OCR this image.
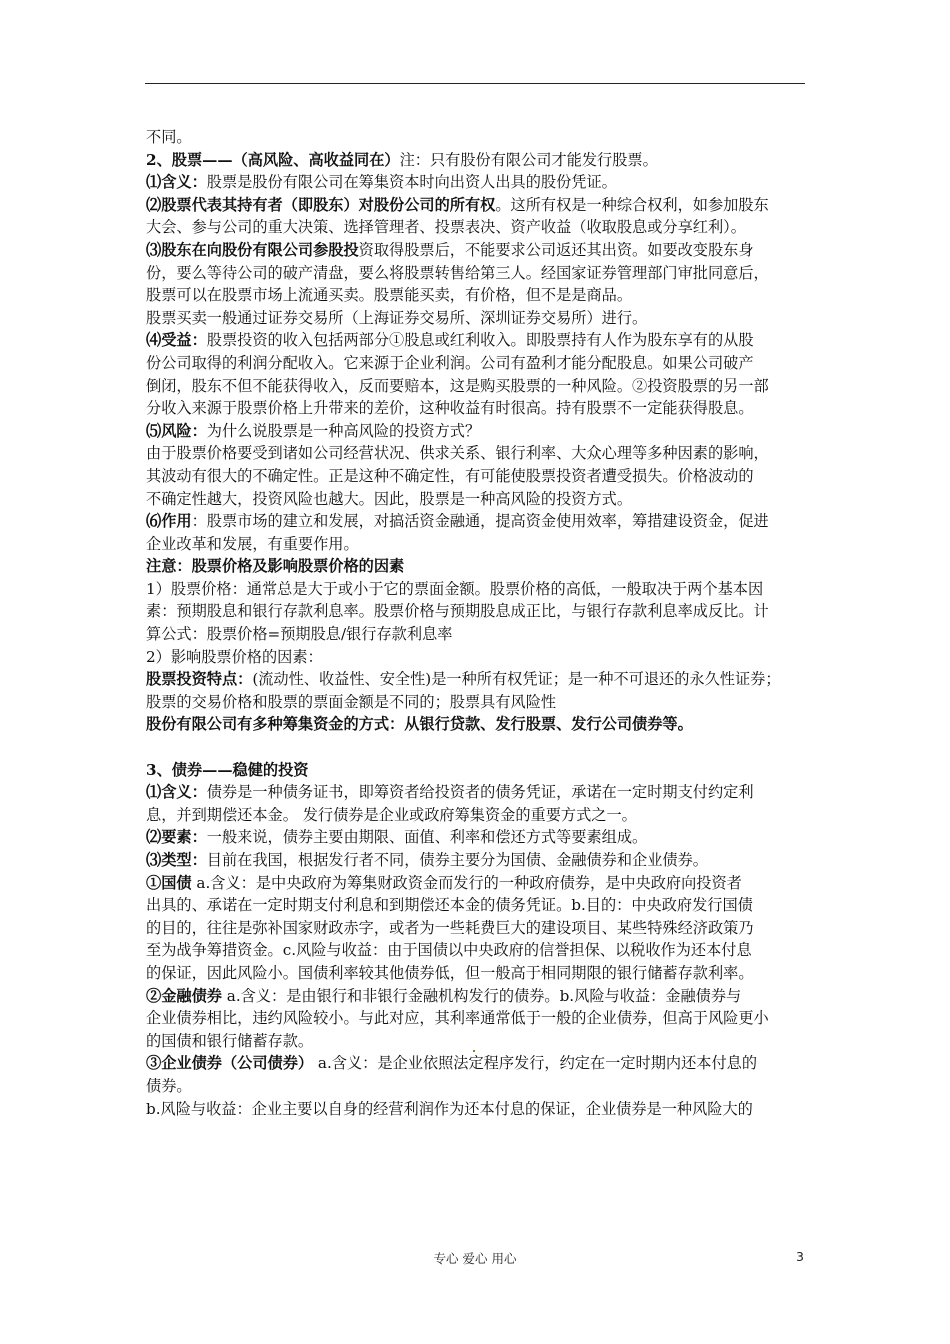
不同。
2、股票——（高风险、高收益同在）注：只有股份有限公司才能发行股票。
⑴含义：股票是股份有限公司在筹集资本时向出资人出具的股份凭证。
⑵股票代表其持有者（即股东）对股份公司的所有权。这所有权是一种综合权利，如参加股东
大会、参与公司的重大决策、选择管理者、投票表决、资产收益（收取股息或分享红利）。
⑶股东在向股份有限公司参股投资取得股票后，不能要求公司返还其出资。如要改变股东身
份，要么等待公司的破产清盘，要么将股票转售给第三人。经国家证券管理部门审批同意后，
股票可以在股票市场上流通买卖。股票能买卖，有价格，但不是是商品。
股票买卖一般通过证券交易所（上海证券交易所、深圳证券交易所）进行。
⑷受益：股票投资的收入包括两部分①股息或红利收入。即股票持有人作为股东享有的从股
份公司取得的利润分配收入。它来源于企业利润。公司有盈利才能分配股息。如果公司破产
倒闭，股东不但不能获得收入，反而要赔本，这是购买股票的一种风险。②投资股票的另一部
分收入来源于股票价格上升带来的差价，这种收益有时很高。持有股票不一定能获得股息。
⑸风险：为什么说股票是一种高风险的投资方式？
由于股票价格要受到诸如公司经营状况、供求关系、银行利率、大众心理等多种因素的影响，
其波动有很大的不确定性。正是这种不确定性，有可能使股票投资者遭受损失。价格波动的
不确定性越大，投资风险也越大。因此，股票是一种高风险的投资方式。
⑹作用：股票市场的建立和发展，对搞活资金融通，提高资金使用效率，筹措建设资金，促进
企业改革和发展，有重要作用。
注意：股票价格及影响股票价格的因素
1）股票价格：通常总是大于或小于它的票面金额。股票价格的高低，一般取决于两个基本因
素：预期股息和银行存款利息率。股票价格与预期股息成正比，与银行存款利息率成反比。计
算公式：股票价格=预期股息/银行存款利息率
2）影响股票价格的因素：
股票投资特点：(流动性、收益性、安全性)是一种所有权凭证；是一种不可退还的永久性证券；
股票的交易价格和股票的票面金额是不同的；股票具有风险性
股份有限公司有多种筹集资金的方式：从银行贷款、发行股票、发行公司债券等。
3、债券——稳健的投资
⑴含义：债券是一种债务证书，即筹资者给投资者的债务凭证，承诺在一定时期支付约定利
息，并到期偿还本金。 发行债券是企业或政府筹集资金的重要方式之一。
⑵要素：一般来说，债券主要由期限、面值、利率和偿还方式等要素组成。
⑶类型：目前在我国，根据发行者不同，债券主要分为国债、金融债券和企业债券。
①国债 a.含义：是中央政府为筹集财政资金而发行的一种政府债券，是中央政府向投资者
出具的、承诺在一定时期支付利息和到期偿还本金的债务凭证。b.目的：中央政府发行国债
的目的，往往是弥补国家财政赤字，或者为一些耗费巨大的建设项目、某些特殊经济政策乃
至为战争筹措资金。c.风险与收益：由于国债以中央政府的信誉担保、以税收作为还本付息
的保证，因此风险小。国债利率较其他债券低，但一般高于相同期限的银行储蓄存款利率。
②金融债券 a.含义：是由银行和非银行金融机构发行的债券。b.风险与收益：金融债券与
企业债券相比，违约风险较小。与此对应，其利率通常低于一般的企业债券，但高于风险更小
的国债和银行储蓄存款。
③企业债券（公司债券） a.含义：是企业依照法定程序发行，约定在一定时期内还本付息的
债券。
b.风险与收益：企业主要以自身的经营利润作为还本付息的保证，企业债券是一种风险大的
专心 爱心 用心	3
